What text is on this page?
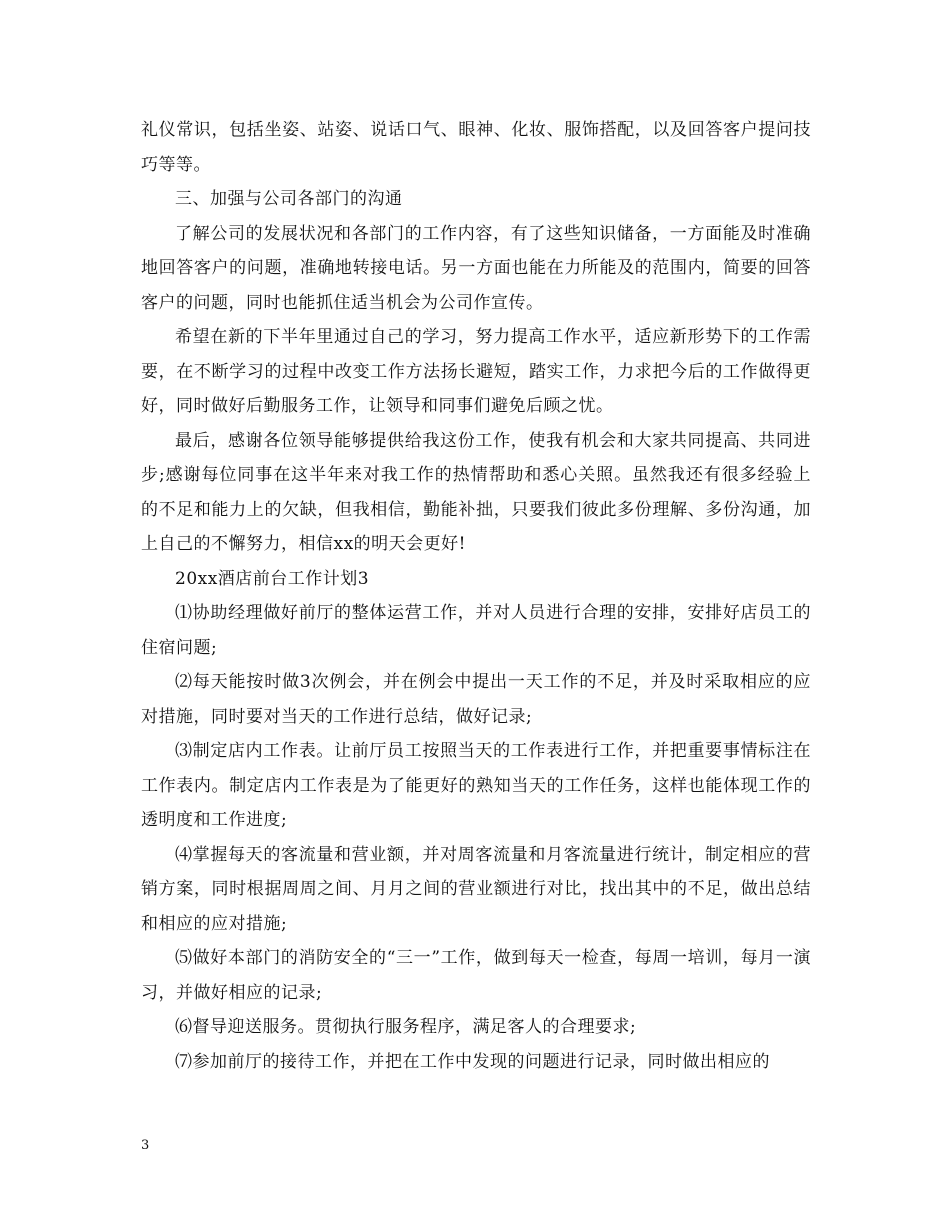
礼仪常识，包括坐姿、站姿、说话口气、眼神、化妆、服饰搭配，以及回答客户提问技巧等等。

三、加强与公司各部门的沟通

了解公司的发展状况和各部门的工作内容，有了这些知识储备，一方面能及时准确地回答客户的问题，准确地转接电话。另一方面也能在力所能及的范围内，简要的回答客户的问题，同时也能抓住适当机会为公司作宣传。

希望在新的下半年里通过自己的学习，努力提高工作水平，适应新形势下的工作需要，在不断学习的过程中改变工作方法扬长避短，踏实工作，力求把今后的工作做得更好，同时做好后勤服务工作，让领导和同事们避免后顾之忧。

最后，感谢各位领导能够提供给我这份工作，使我有机会和大家共同提高、共同进步;感谢每位同事在这半年来对我工作的热情帮助和悉心关照。虽然我还有很多经验上的不足和能力上的欠缺，但我相信，勤能补拙，只要我们彼此多份理解、多份沟通，加上自己的不懈努力，相信xx的明天会更好!

20xx酒店前台工作计划3

⑴协助经理做好前厅的整体运营工作，并对人员进行合理的安排，安排好店员工的住宿问题;

⑵每天能按时做3次例会，并在例会中提出一天工作的不足，并及时采取相应的应对措施，同时要对当天的工作进行总结，做好记录;

⑶制定店内工作表。让前厅员工按照当天的工作表进行工作，并把重要事情标注在工作表内。制定店内工作表是为了能更好的熟知当天的工作任务，这样也能体现工作的透明度和工作进度;

⑷掌握每天的客流量和营业额，并对周客流量和月客流量进行统计，制定相应的营销方案，同时根据周周之间、月月之间的营业额进行对比，找出其中的不足，做出总结和相应的应对措施;

⑸做好本部门的消防安全的“三一”工作，做到每天一检查，每周一培训，每月一演习，并做好相应的记录;

⑹督导迎送服务。贯彻执行服务程序，满足客人的合理要求;

⑺参加前厅的接待工作，并把在工作中发现的问题进行记录，同时做出相应的

3
